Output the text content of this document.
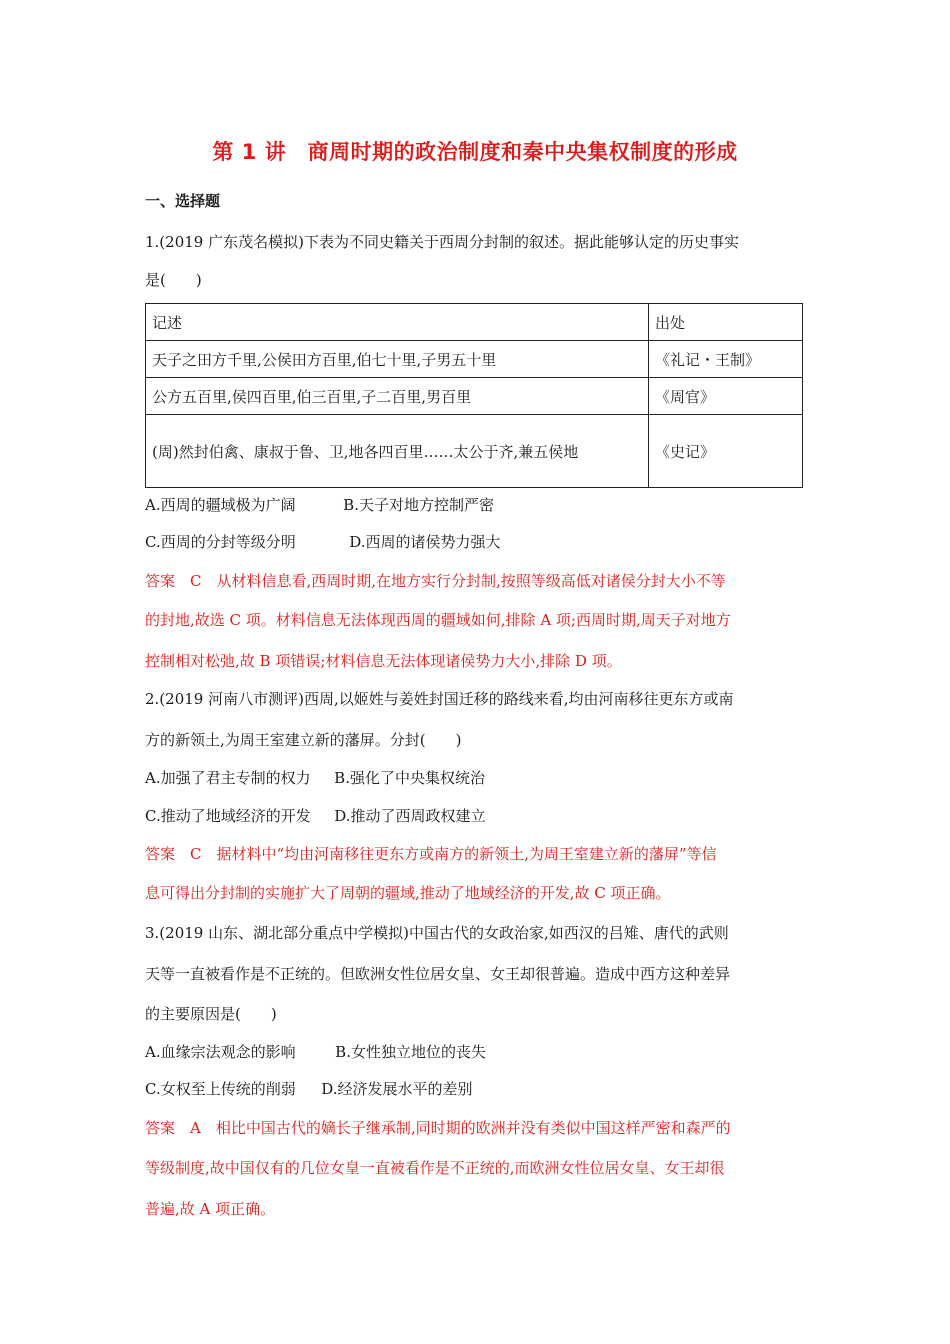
第 1 讲　商周时期的政治制度和秦中央集权制度的形成
一、选择题
1.(2019 广东茂名模拟)下表为不同史籍关于西周分封制的叙述。据此能够认定的历史事实
是(　　)
记述	出处
天子之田方千里,公侯田方百里,伯七十里,子男五十里	《礼记・王制》
公方五百里,侯四百里,伯三百里,子二百里,男百里	《周官》
(周)然封伯禽、康叔于鲁、卫,地各四百里……太公于齐,兼五侯地	《史记》
A.西周的疆域极为广阔	B.天子对地方控制严密
C.西周的分封等级分明	D.西周的诸侯势力强大
答案　C　从材料信息看,西周时期,在地方实行分封制,按照等级高低对诸侯分封大小不等
的封地,故选 C 项。材料信息无法体现西周的疆域如何,排除 A 项;西周时期,周天子对地方
控制相对松弛,故 B 项错误;材料信息无法体现诸侯势力大小,排除 D 项。
2.(2019 河南八市测评)西周,以姬姓与姜姓封国迁移的路线来看,均由河南移往更东方或南
方的新领土,为周王室建立新的藩屏。分封(　　)
A.加强了君主专制的权力 B.强化了中央集权统治
C.推动了地域经济的开发 D.推动了西周政权建立
答案　C　据材料中“均由河南移往更东方或南方的新领土,为周王室建立新的藩屏”等信
息可得出分封制的实施扩大了周朝的疆域,推动了地域经济的开发,故 C 项正确。
3.(2019 山东、湖北部分重点中学模拟)中国古代的女政治家,如西汉的吕雉、唐代的武则
天等一直被看作是不正统的。但欧洲女性位居女皇、女王却很普遍。造成中西方这种差异
的主要原因是(　　)
A.血缘宗法观念的影响	B.女性独立地位的丧失
C.女权至上传统的削弱 D.经济发展水平的差别
答案　A　相比中国古代的嫡长子继承制,同时期的欧洲并没有类似中国这样严密和森严的
等级制度,故中国仅有的几位女皇一直被看作是不正统的,而欧洲女性位居女皇、女王却很
普遍,故 A 项正确。
